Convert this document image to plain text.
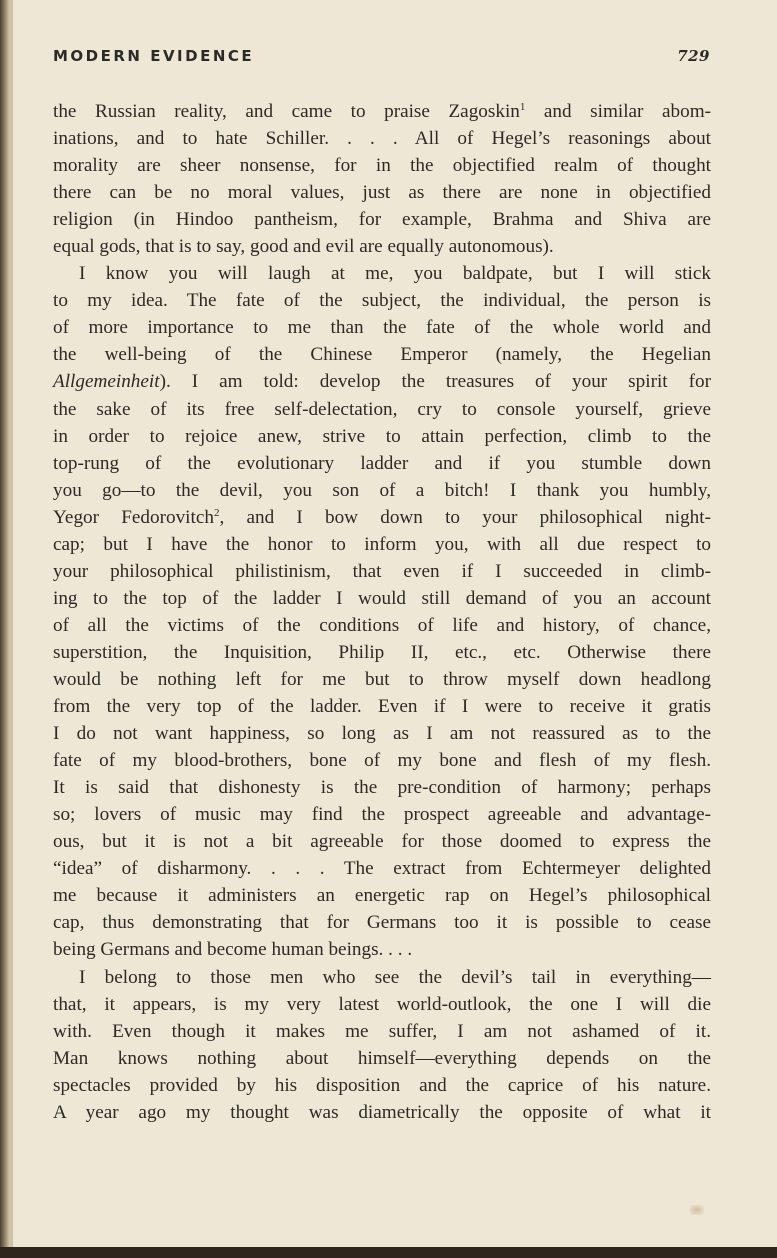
MODERN EVIDENCE	729
the Russian reality, and came to praise Zagoskin$^1$ and similar abom-
inations, and to hate Schiller. . . . All of Hegel’s reasonings about
morality are sheer nonsense, for in the objectified realm of thought
there can be no moral values, just as there are none in objectified
religion (in Hindoo pantheism, for example, Brahma and Shiva are
equal gods, that is to say, good and evil are equally autonomous).
I know you will laugh at me, you baldpate, but I will stick
to my idea. The fate of the subject, the individual, the person is
of more importance to me than the fate of the whole world and
the well-being of the Chinese Emperor (namely, the Hegelian
Allgemeinheit). I am told: develop the treasures of your spirit for
the sake of its free self-delectation, cry to console yourself, grieve
in order to rejoice anew, strive to attain perfection, climb to the
top-rung of the evolutionary ladder and if you stumble down
you go—to the devil, you son of a bitch! I thank you humbly,
Yegor Fedorovitch$^2$, and I bow down to your philosophical night-
cap; but I have the honor to inform you, with all due respect to
your philosophical philistinism, that even if I succeeded in climb-
ing to the top of the ladder I would still demand of you an account
of all the victims of the conditions of life and history, of chance,
superstition, the Inquisition, Philip II, etc., etc. Otherwise there
would be nothing left for me but to throw myself down headlong
from the very top of the ladder. Even if I were to receive it gratis
I do not want happiness, so long as I am not reassured as to the
fate of my blood-brothers, bone of my bone and flesh of my flesh.
It is said that dishonesty is the pre-condition of harmony; perhaps
so; lovers of music may find the prospect agreeable and advantage-
ous, but it is not a bit agreeable for those doomed to express the
“idea” of disharmony. . . . The extract from Echtermeyer delighted
me because it administers an energetic rap on Hegel’s philosophical
cap, thus demonstrating that for Germans too it is possible to cease
being Germans and become human beings. . . .
I belong to those men who see the devil’s tail in everything—
that, it appears, is my very latest world-outlook, the one I will die
with. Even though it makes me suffer, I am not ashamed of it.
Man knows nothing about himself—everything depends on the
spectacles provided by his disposition and the caprice of his nature.
A year ago my thought was diametrically the opposite of what it
